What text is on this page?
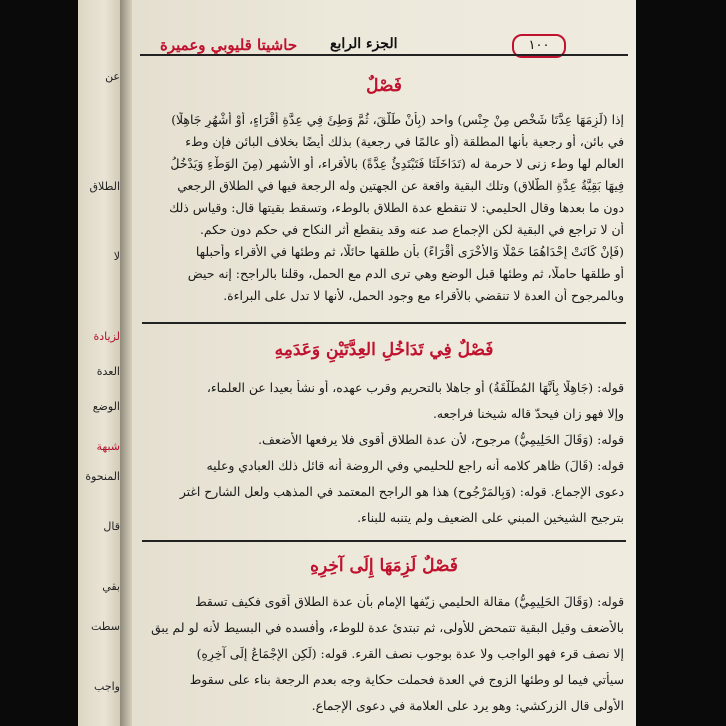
عن
الطلاق
لا
لزيادة
العدة
الوضع
شبهة
المنحوة
قال
بقي
سطت
واجب
حاشيتا قليوبي وعميرة الجزء الرابع	١٠٠
فَصْلٌ
إذا (لَزِمَهَا عِدَّتَا شَخْصٍ مِنْ جِنْسٍ) واحد (بِأَنْ طَلَّقَ، ثُمَّ وَطِئَ فِي عِدَّةِ أَقْرَاءٍ، أَوْ أَشْهُرٍ جَاهِلًا)
في بائن، أو رجعية بأنها المطلقة (أو عالمًا في رجعية) بذلك أيضًا بخلاف البائن فإن وطء
العالم لها وطء زنى لا حرمة له (تَدَاخَلَتَا فَتَبْتَدِئُ عِدَّةً) بالأقراء، أو الأشهر (مِنَ الوَطْءِ وَيَدْخُلُ
فِيهَا بَقِيَّةُ عِدَّةِ الطَّلاقِ) وتلك البقية واقعة عن الجهتين وله الرجعة فيها في الطلاق الرجعي
دون ما بعدها وقال الحليمي: لا تنقطع عدة الطلاق بالوطء، وتسقط بقيتها قال: وقياس ذلك
أن لا تراجع في البقية لكن الإجماع صد عنه وقد ينقطع أثر النكاح في حكم دون حكم.
(فَإِنْ كَانَتْ إِحْدَاهُمَا حَمْلًا وَالأُخْرَى أَقْرَاءً) بأن طلقها حائلًا، ثم وطئها في الأقراء وأحبلها
أو طلقها حاملًا، ثم وطئها قبل الوضع وهي ترى الدم مع الحمل، وقلنا بالراجح: إنه حيض
وبالمرجوح أن العدة لا تنقضي بالأقراء مع وجود الحمل، لأنها لا تدل على البراءة.
فَصْلٌ فِي تَدَاخُلِ العِدَّتَيْنِ وَعَدَمِهِ
قوله: (جَاهِلًا بِأَنَّهَا المُطَلَّقَةُ) أو جاهلا بالتحريم وقرب عهده، أو نشأ بعيدا عن العلماء،
وإلا فهو زان فيحدّ قاله شيخنا فراجعه.
قوله: (وَقَالَ الحَلِيمِيُّ) مرجوح، لأن عدة الطلاق أقوى فلا يرفعها الأضعف.
قوله: (قَالَ) ظاهر كلامه أنه راجع للحليمي وفي الروضة أنه قائل ذلك العبادي وعليه
دعوى الإجماع. قوله: (وَبِالمَرْجُوحِ) هذا هو الراجح المعتمد في المذهب ولعل الشارح اغتر
بترجيح الشيخين المبني على الضعيف ولم يتنبه للبناء.
فَصْلٌ لَزِمَهَا إِلَى آخِرِهِ
قوله: (وَقَالَ الحَلِيمِيُّ) مقالة الحليمي زيّفها الإمام بأن عدة الطلاق أقوى فكيف تسقط
بالأضعف وقيل البقية تتمحض للأولى، ثم تبتدئ عدة للوطء، وأفسده في البسيط لأنه لو لم يبق
إلا نصف قرء فهو الواجب ولا عدة بوجوب نصف القرء. قوله: (لَكِنِ الإِجْمَاعُ إِلَى آخِرِهِ)
سيأتي فيما لو وطئها الزوج في العدة فحملت حكاية وجه بعدم الرجعة بناء على سقوط
الأولى قال الزركشي: وهو يرد على العلامة في دعوى الإجماع.
